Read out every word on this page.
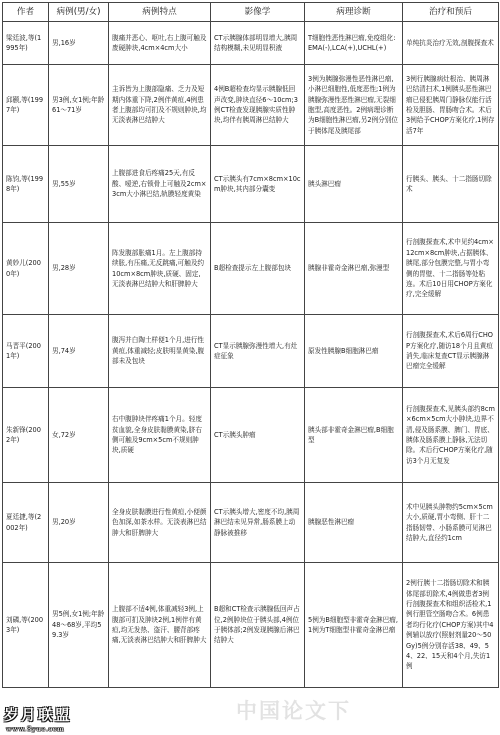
作者	病例(男/女)	病例特点	影像学	病理诊断	治疗和预后
梁廷波,等(1995年)	男,16岁	腹痛并恶心、呕吐,右上腹可触及废硬肿块,4cm×4cm大小	CT示胰腺体部明显增大,胰周结构模糊,未见明显积液	T细胞性恶性淋巴瘤,免疫组化:EMA(-),LCA(+),UCHL(+)	单纯抗炎治疗无效,剖腹探查术
邱颢,等(1997年)	男3例,女1例;年龄61～71岁	主诉皆为上腹部隐痛、乏力及短期内体重下降,2例伴黄疸,4例患者上腹部均可扪及不规则肿块,均无淡表淋巴结肿大	4例B超检查均显示胰腺低回声改变,肿块直径6～10cm;3例CT检查发现胰腺实质性肿块,均伴有胰周淋巴结肿大	3例为胰腺弥漫性恶性淋巴瘤,小淋巴细胞性,低度恶性;1例为胰腺弥漫性恶性淋巴瘤,无裂细胞型,高度恶性。2例病理诊断为B细胞性淋巴瘤,另2例分别位于胰体尾及胰尾部	3例行胰腺病灶根治、胰周淋巴结清扫术,1例胰头恶性淋巴瘤已侵犯胰周门静脉仅能行活检及胆肠、胃肠吻合术。术后3例给予CHOP方案化疗,1例存活7年
陈钧,等(1998年)	男,55岁	上腹部进食后疼痛25天,有反酸、嗳逆,右锁骨上可触及2cm×3cm大小淋巴结,轨膜轻度黄染	CT示胰头有7cm×8cm×10cm肿块,其内部分囊变	胰头淋巴瘤	行胰头、胰头、十二指肠切除术
黄妙儿(2000年)	男,28岁	阵发腹部胀痛1月。左上腹部持续胀,有压痛,无反跳痛,可触及约10cm×8cm肿块,质硬、固定,无淡表淋巴结肿大和肝脾肿大	B超检查提示左上腹部包块	胰腺非霍奇金淋巴瘤,弥漫型	行剖腹探查术,术中见约4cm×12cm×8cm肿块,占据胰体、胰尾,部分包膜完整,与胃小弯侧的胃壁、十二指肠等处粘连。术后10日用CHOP方案化疗,完全缓解
马晋平(2001年)	男,74岁	腹泻并白陶土样便1个月,进行性黄疸,体重减轻;皮肤明显黄染,腹部未及包块	CT显示胰腺弥漫性增大,有灶症征象	原发性胰腺B细胞淋巴瘤	行剖腹探查术,术后6周行CHOP方案化疗,随访18个月且黄疸消失,临床复查CT显示胰腺淋巴瘤完全缓解
朱新锋(2002年)	女,72岁	右中腹肿块伴疼痛1个月。轻度贫血貌,全身皮肤黏膜黄染,脐右侧可触及9cm×5cm不规则肿块,质硬	CT示胰头肿瘤	胰头部非霍奇金淋巴瘤,B细胞型	行剖腹探查术,见胰头部约8cm×6cm×5cm大小肿块,边界不清,侵及肠系膜、脾门、胃底、胰体及肠系膜上静脉,无法切除。术后行CHOP方案化疗,随访3个月无复发
夏廷捷,等(2002年)	男,20岁	全身皮肤黏膜进行性黄疸,小便颜色加深,如茶水样。无淡表淋巴结肿大和肝脾肿大	CT示胰头增大,密度不均,胰周淋巴结未见异常,肠系膜上动静脉被推移	胰腺恶性淋巴瘤	术中见胰头肿物约5cm×5cm大小,质硬,胃小弯侧、肝十二指肠韧带、小肠系膜可见淋巴结肿大,直径约1cm
刘磷,等(2003年)	男5例,女1例;年龄48～68岁,平均59.3岁	上腹部不适4例,体重减轻3例,上腹部可扪及肿块2例,1例伴有黄疸,均无发热、盗汗、腰背部疼痛,无淡表淋巴结肿大和肝脾肿大	B超和CT检查示胰腺低回声占位,2例肿块位于胰头部,4例位于胰体部;2例发现胰腺后淋巴结肿大	5例为B细胞型非霍奇金淋巴瘤,1例为T细胞型非霍奇金淋巴瘤	2例行胰十二指肠切除术和胰体尾部切除术,4例做患者3例行剖腹探查术和组织活检术,1例行胆管空肠吻合术。6例患者均行化疗(CHOP方案)其中4例辅以放疗(照射剂量20～50Gy)5例分别存活38、49、54、22、15天和4个月,失访1例
岁月联盟
www.Syue.com
中国论文下
